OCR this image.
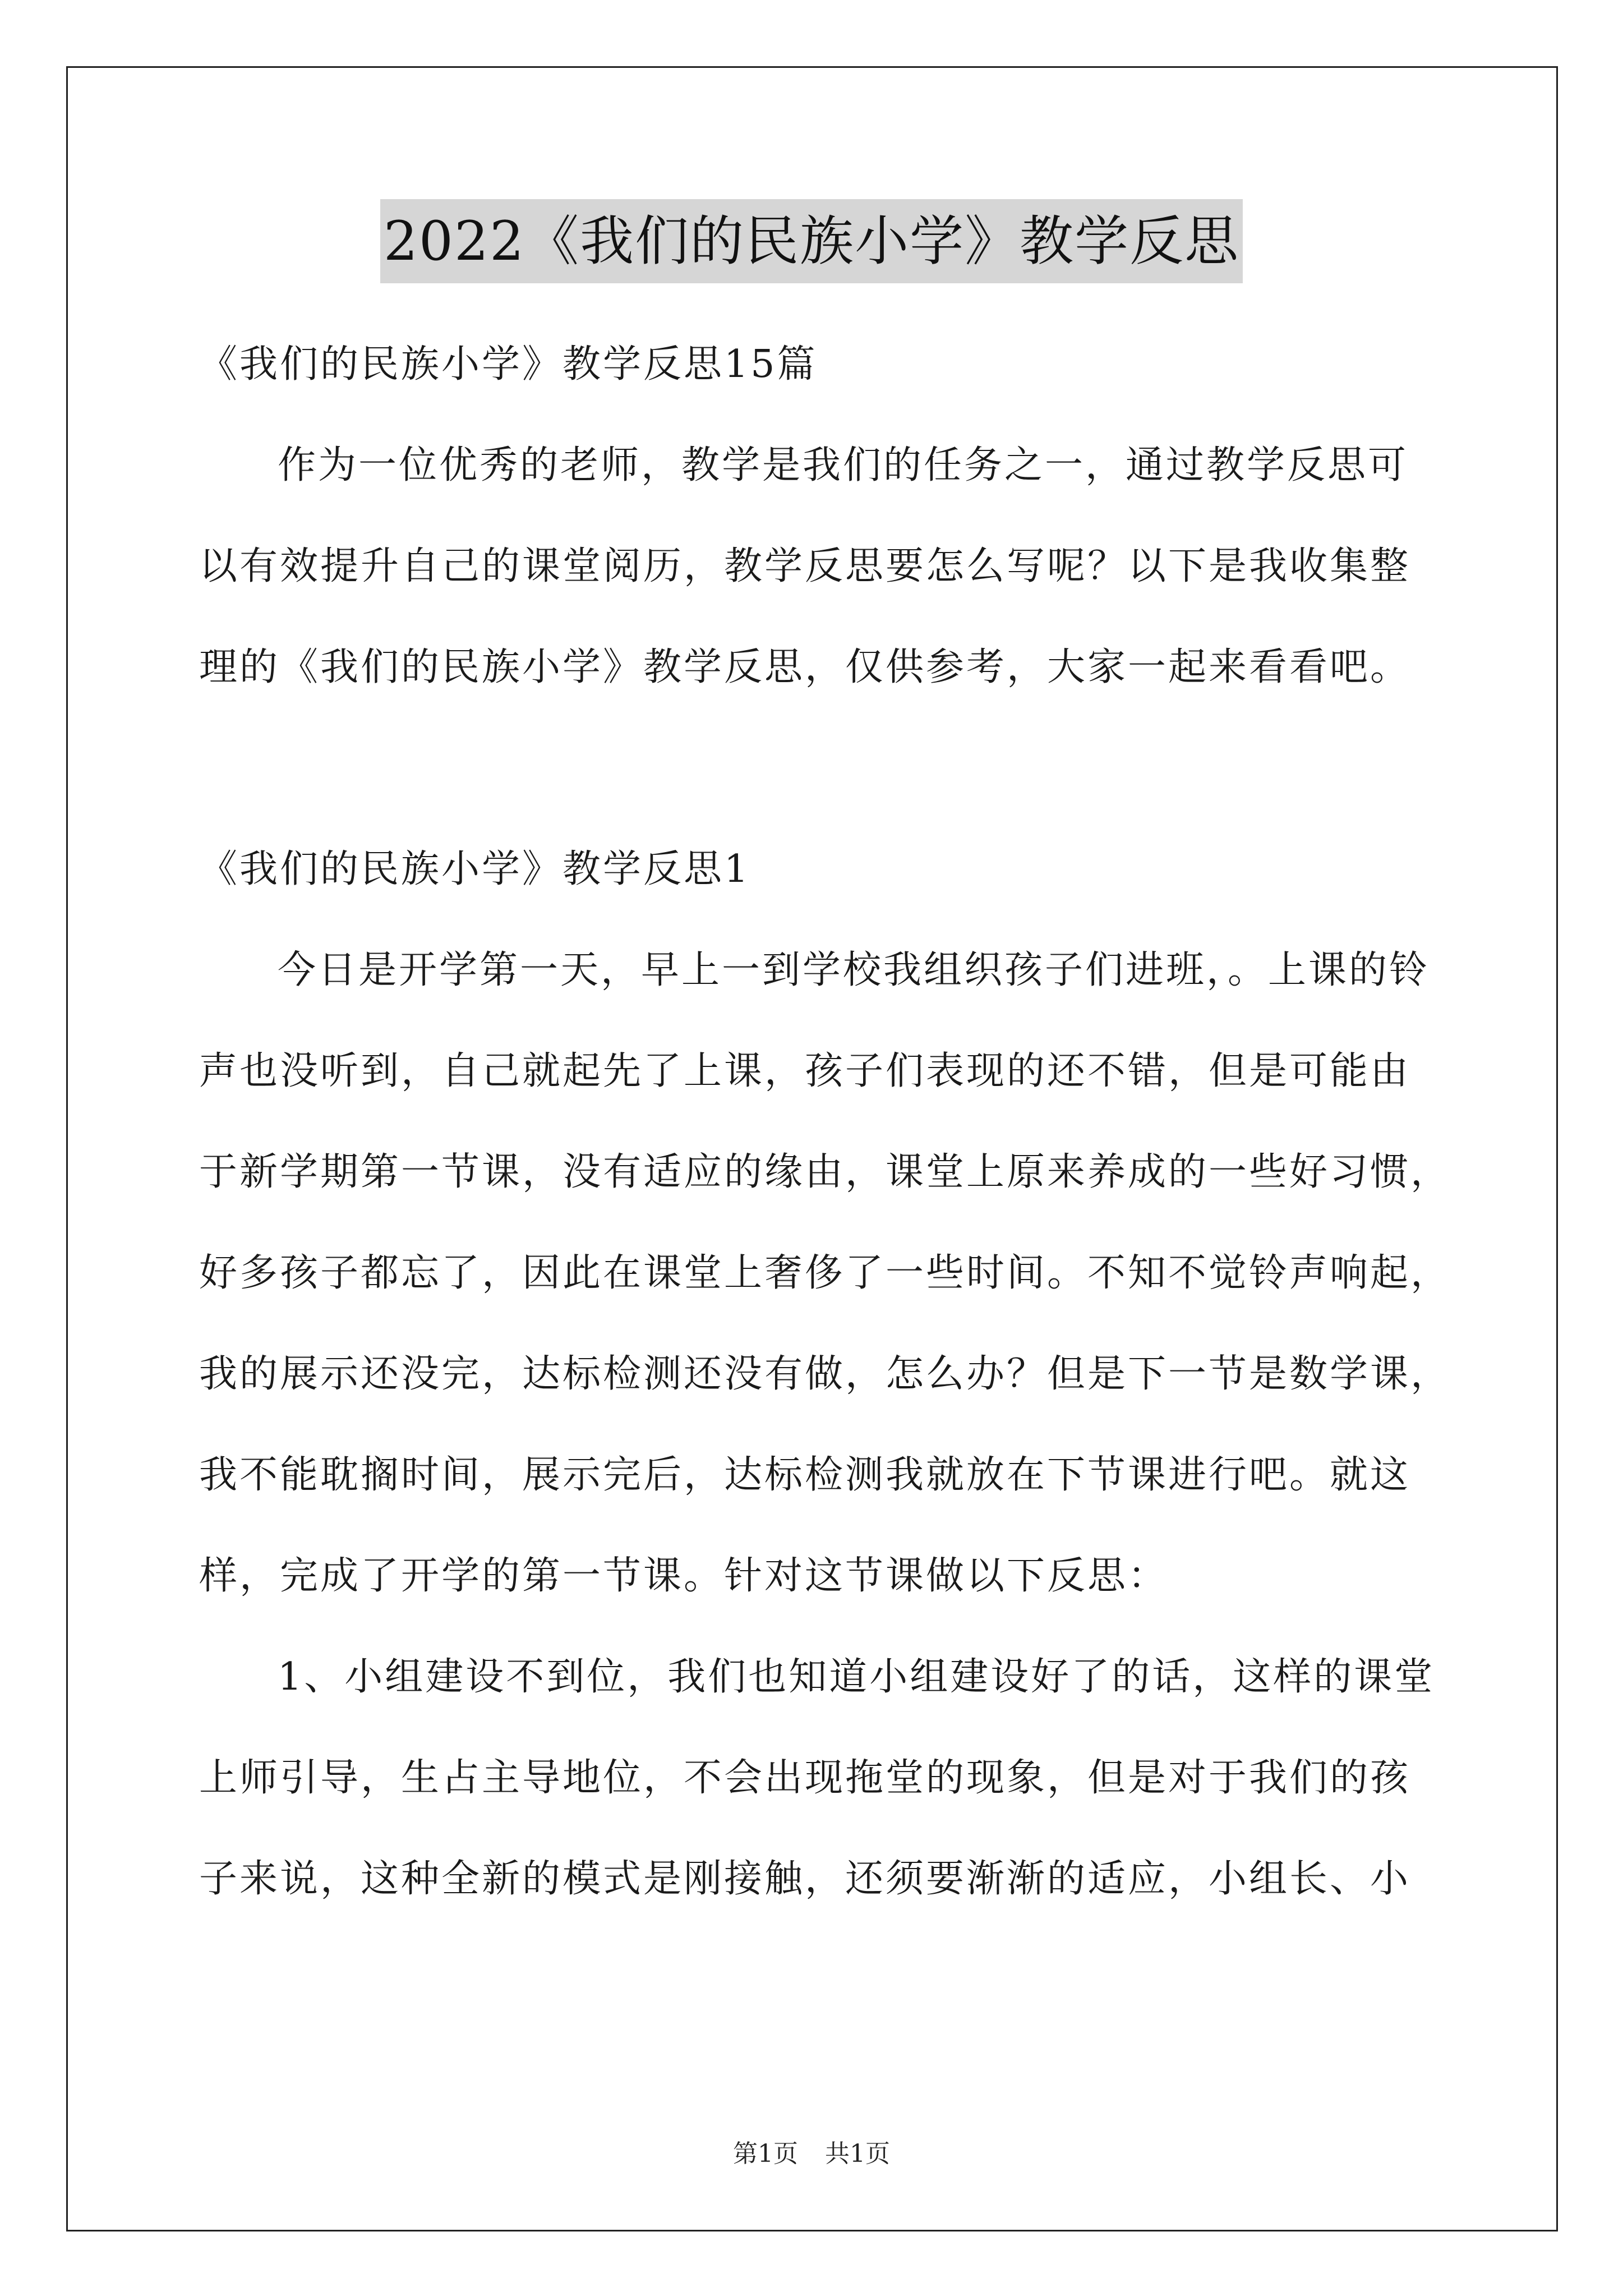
2022《我们的民族小学》教学反思
《我们的民族小学》教学反思15篇
作为一位优秀的老师，教学是我们的任务之一，通过教学反思可
以有效提升自己的课堂阅历，教学反思要怎么写呢？以下是我收集整
理的《我们的民族小学》教学反思，仅供参考，大家一起来看看吧。
《我们的民族小学》教学反思1
今日是开学第一天，早上一到学校我组织孩子们进班，。上课的铃
声也没听到，自己就起先了上课，孩子们表现的还不错，但是可能由
于新学期第一节课，没有适应的缘由，课堂上原来养成的一些好习惯，
好多孩子都忘了，因此在课堂上奢侈了一些时间。不知不觉铃声响起，
我的展示还没完，达标检测还没有做，怎么办？但是下一节是数学课，
我不能耽搁时间，展示完后，达标检测我就放在下节课进行吧。就这
样，完成了开学的第一节课。针对这节课做以下反思：
1、小组建设不到位，我们也知道小组建设好了的话，这样的课堂
上师引导，生占主导地位，不会出现拖堂的现象，但是对于我们的孩
子来说，这种全新的模式是刚接触，还须要渐渐的适应，小组长、小
第1页 共1页
